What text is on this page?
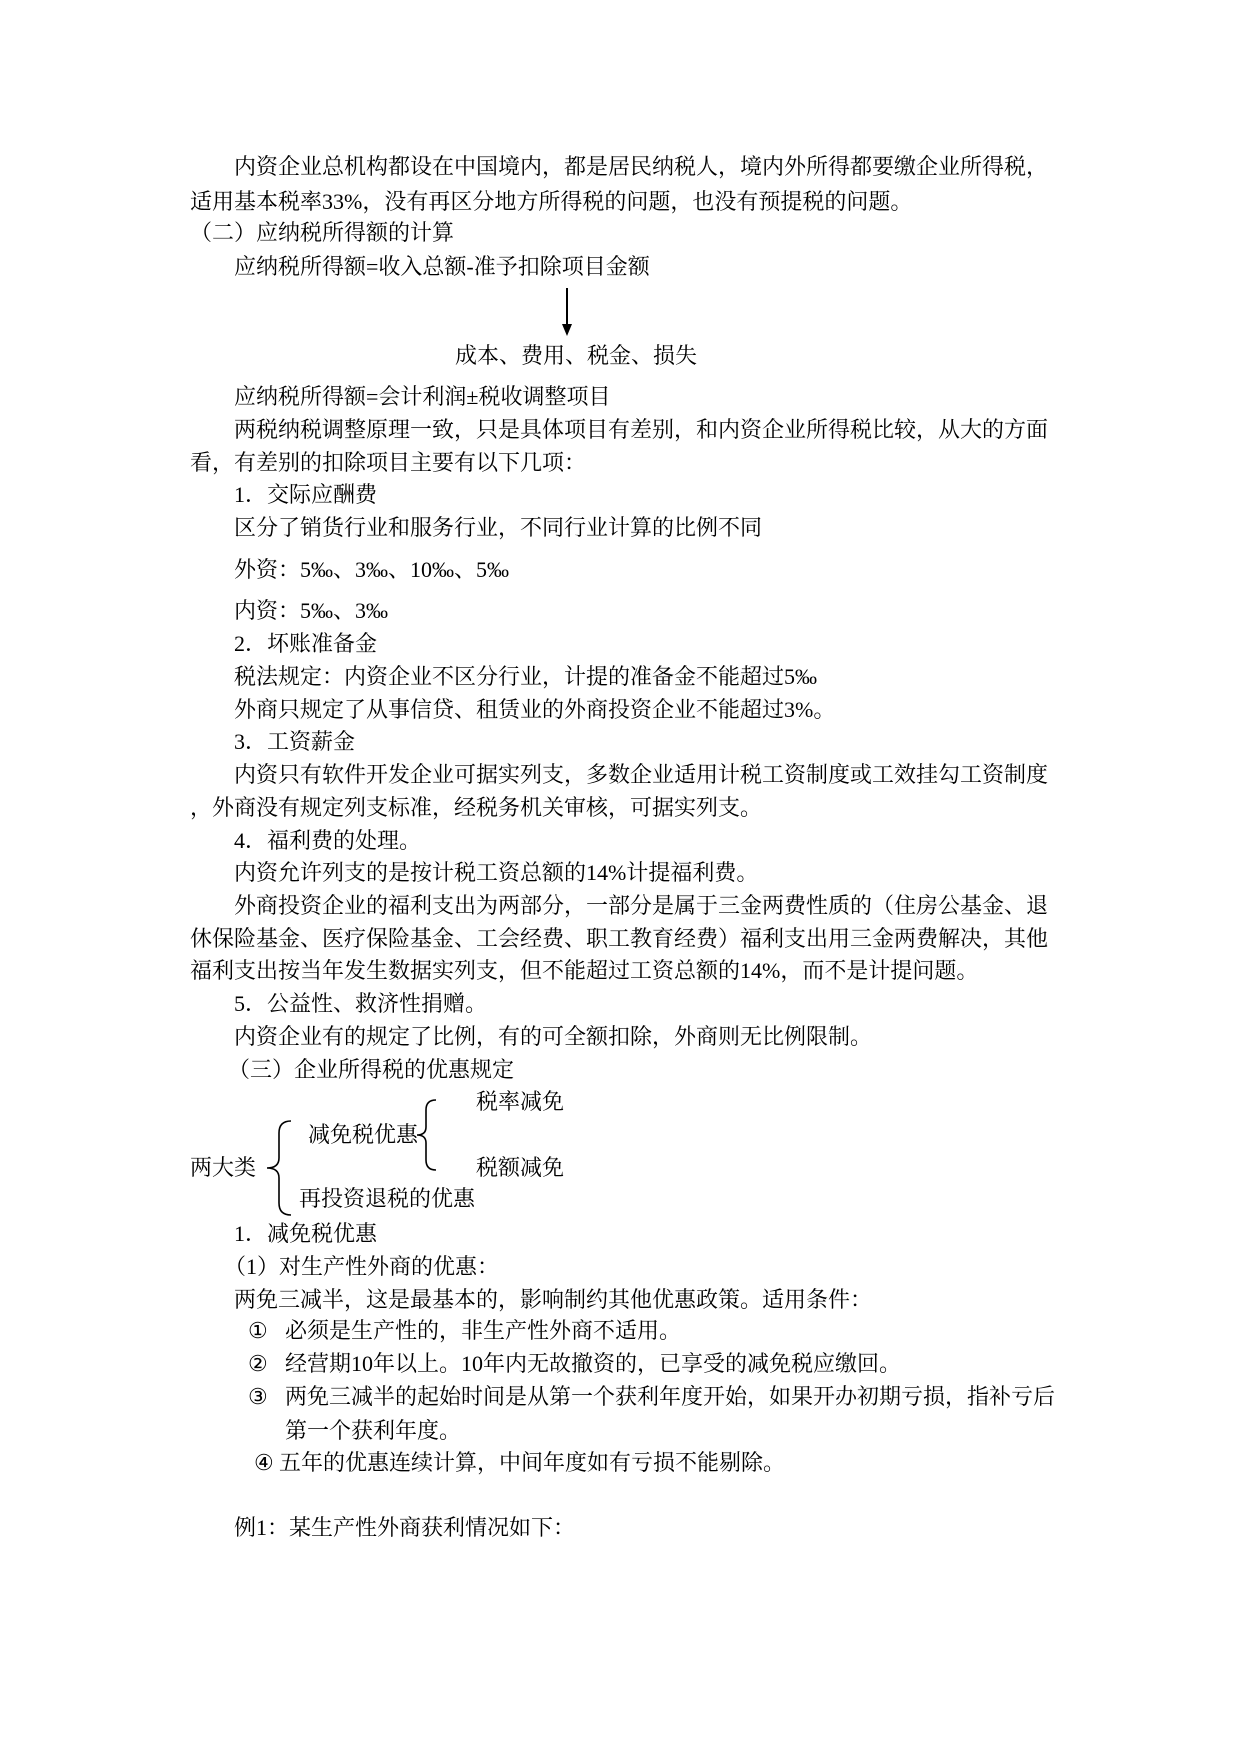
内资企业总机构都设在中国境内，都是居民纳税人，境内外所得都要缴企业所得税，
适用基本税率33%，没有再区分地方所得税的问题，也没有预提税的问题。
（二）应纳税所得额的计算
应纳税所得额=收入总额-准予扣除项目金额
成本、费用、税金、损失
应纳税所得额=会计利润±税收调整项目
两税纳税调整原理一致，只是具体项目有差别，和内资企业所得税比较，从大的方面
看，有差别的扣除项目主要有以下几项：
1．交际应酬费
区分了销货行业和服务行业，不同行业计算的比例不同
外资：5‰、3‰、10‰、5‰
内资：5‰、3‰
2．坏账准备金
税法规定：内资企业不区分行业，计提的准备金不能超过5‰
外商只规定了从事信贷、租赁业的外商投资企业不能超过3%。
3．工资薪金
内资只有软件开发企业可据实列支，多数企业适用计税工资制度或工效挂勾工资制度
，外商没有规定列支标准，经税务机关审核，可据实列支。
4．福利费的处理。
内资允许列支的是按计税工资总额的14%计提福利费。
外商投资企业的福利支出为两部分，一部分是属于三金两费性质的（住房公基金、退
休保险基金、医疗保险基金、工会经费、职工教育经费）福利支出用三金两费解决，其他
福利支出按当年发生数据实列支，但不能超过工资总额的14%，而不是计提问题。
5．公益性、救济性捐赠。
内资企业有的规定了比例，有的可全额扣除，外商则无比例限制。
（三）企业所得税的优惠规定
税率减免
减免税优惠
两大类	税额减免
再投资退税的优惠
1．减免税优惠
（1）对生产性外商的优惠：
两免三减半，这是最基本的，影响制约其他优惠政策。适用条件：
① 必须是生产性的，非生产性外商不适用。
② 经营期10年以上。10年内无故撤资的，已享受的减免税应缴回。
③ 两免三减半的起始时间是从第一个获利年度开始，如果开办初期亏损，指补亏后
第一个获利年度。
④ 五年的优惠连续计算，中间年度如有亏损不能剔除。
例1：某生产性外商获利情况如下：
